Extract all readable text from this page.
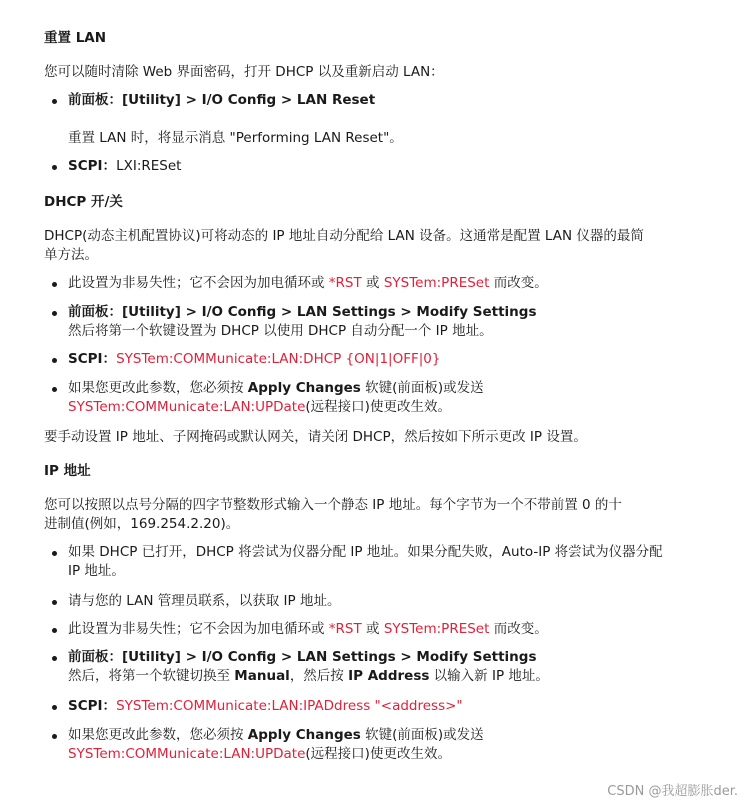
重置 LAN
您可以随时清除 Web 界面密码，打开 DHCP 以及重新启动 LAN：
前面板：[Utility] > I/O Config > LAN Reset
重置 LAN 时，将显示消息 "Performing LAN Reset"。
SCPI：LXI:RESet
DHCP 开/关
DHCP(动态主机配置协议)可将动态的 IP 地址自动分配给 LAN 设备。这通常是配置 LAN 仪器的最简
单方法。
此设置为非易失性；它不会因为加电循环或 *RST 或 SYSTem:PRESet 而改变。
前面板：[Utility] > I/O Config > LAN Settings > Modify Settings
然后将第一个软键设置为 DHCP 以使用 DHCP 自动分配一个 IP 地址。
SCPI：SYSTem:COMMunicate:LAN:DHCP {ON|1|OFF|0}
如果您更改此参数，您必须按 Apply Changes 软键(前面板)或发送
SYSTem:COMMunicate:LAN:UPDate(远程接口)使更改生效。
要手动设置 IP 地址、子网掩码或默认网关，请关闭 DHCP，然后按如下所示更改 IP 设置。
IP 地址
您可以按照以点号分隔的四字节整数形式输入一个静态 IP 地址。每个字节为一个不带前置 0 的十
进制值(例如，169.254.2.20)。
如果 DHCP 已打开，DHCP 将尝试为仪器分配 IP 地址。如果分配失败，Auto-IP 将尝试为仪器分配
IP 地址。
请与您的 LAN 管理员联系，以获取 IP 地址。
此设置为非易失性；它不会因为加电循环或 *RST 或 SYSTem:PRESet 而改变。
前面板：[Utility] > I/O Config > LAN Settings > Modify Settings
然后，将第一个软键切换至 Manual，然后按 IP Address 以输入新 IP 地址。
SCPI：SYSTem:COMMunicate:LAN:IPADdress "<address>"
如果您更改此参数，您必须按 Apply Changes 软键(前面板)或发送
SYSTem:COMMunicate:LAN:UPDate(远程接口)使更改生效。
CSDN @我超膨胀der.
